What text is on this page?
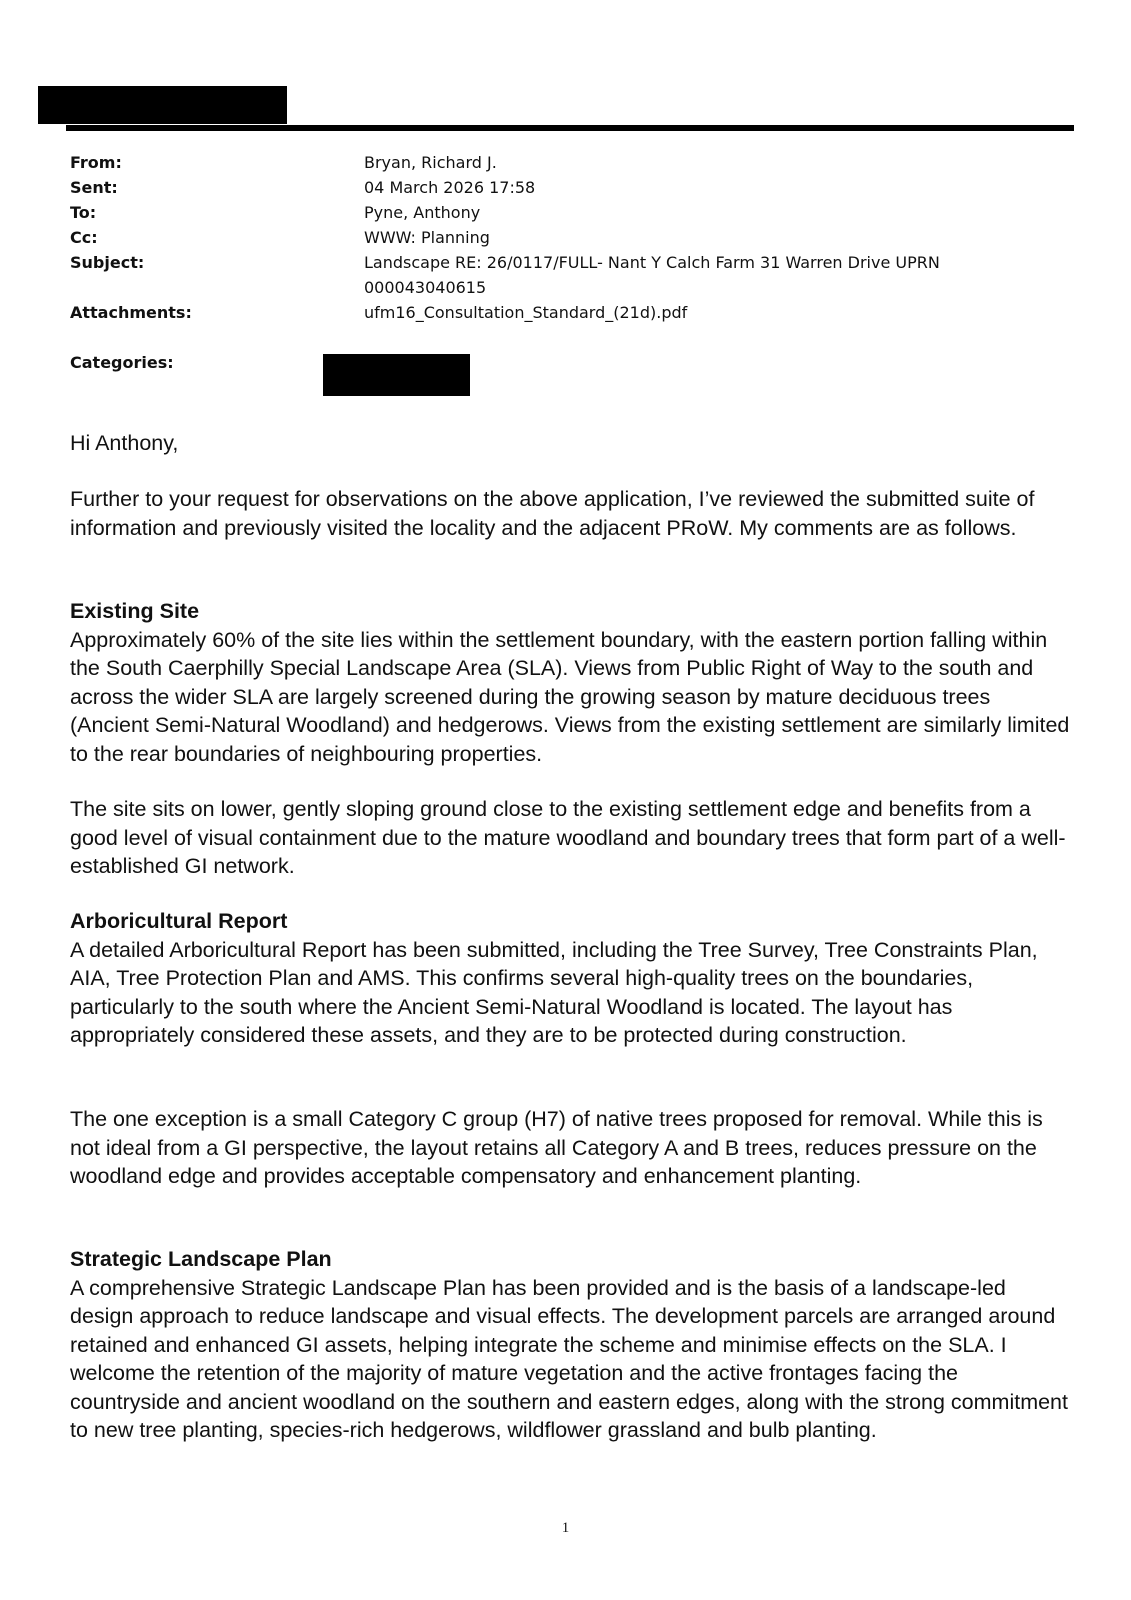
From:	Bryan, Richard J.
Sent:	04 March 2026 17:58
To:	Pyne, Anthony
Cc:	WWW: Planning
Subject:	Landscape RE: 26/0117/FULL- Nant Y Calch Farm 31 Warren Drive UPRN 000043040615
Attachments:	ufm16_Consultation_Standard_(21d).pdf
Categories:

Hi Anthony,

Further to your request for observations on the above application, I’ve reviewed the submitted suite of information and previously visited the locality and the adjacent PRoW. My comments are as follows.

Existing Site
Approximately 60% of the site lies within the settlement boundary, with the eastern portion falling within the South Caerphilly Special Landscape Area (SLA). Views from Public Right of Way to the south and across the wider SLA are largely screened during the growing season by mature deciduous trees (Ancient Semi-Natural Woodland) and hedgerows. Views from the existing settlement are similarly limited to the rear boundaries of neighbouring properties.

The site sits on lower, gently sloping ground close to the existing settlement edge and benefits from a good level of visual containment due to the mature woodland and boundary trees that form part of a well-established GI network.

Arboricultural Report
A detailed Arboricultural Report has been submitted, including the Tree Survey, Tree Constraints Plan, AIA, Tree Protection Plan and AMS. This confirms several high-quality trees on the boundaries, particularly to the south where the Ancient Semi-Natural Woodland is located. The layout has appropriately considered these assets, and they are to be protected during construction.

The one exception is a small Category C group (H7) of native trees proposed for removal. While this is not ideal from a GI perspective, the layout retains all Category A and B trees, reduces pressure on the woodland edge and provides acceptable compensatory and enhancement planting.

Strategic Landscape Plan
A comprehensive Strategic Landscape Plan has been provided and is the basis of a landscape-led design approach to reduce landscape and visual effects. The development parcels are arranged around retained and enhanced GI assets, helping integrate the scheme and minimise effects on the SLA. I welcome the retention of the majority of mature vegetation and the active frontages facing the countryside and ancient woodland on the southern and eastern edges, along with the strong commitment to new tree planting, species-rich hedgerows, wildflower grassland and bulb planting.

1
